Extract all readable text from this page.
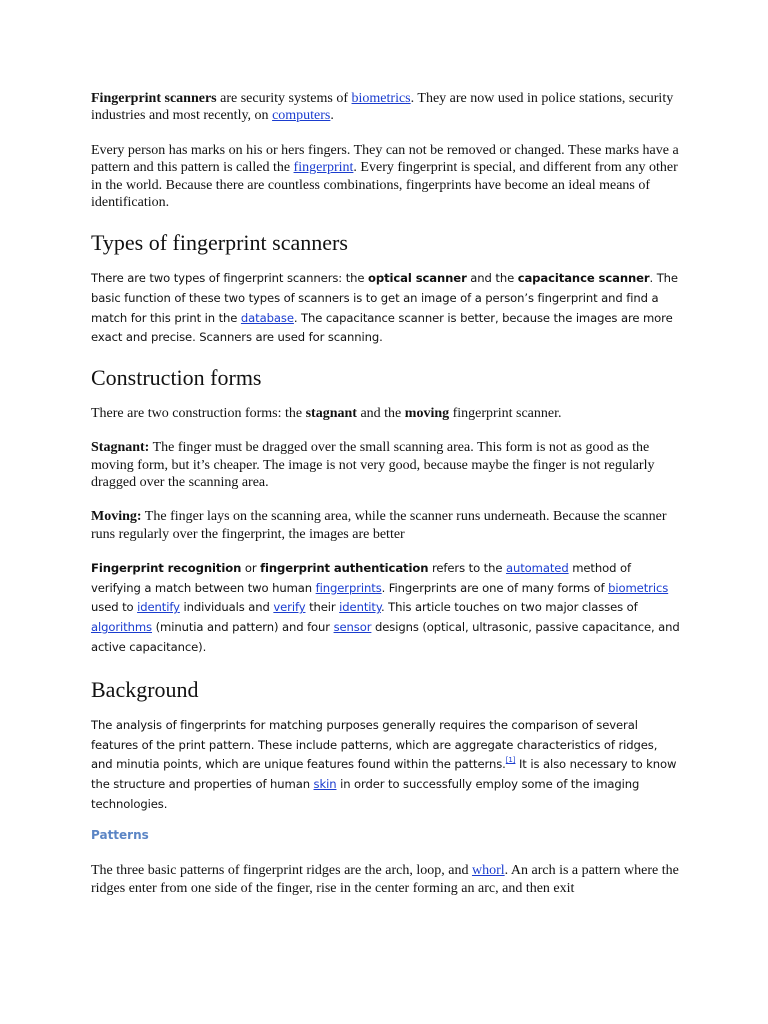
Fingerprint scanners are security systems of biometrics. They are now used in police stations, security industries and most recently, on computers.

Every person has marks on his or hers fingers. They can not be removed or changed. These marks have a pattern and this pattern is called the fingerprint. Every fingerprint is special, and different from any other in the world. Because there are countless combinations, fingerprints have become an ideal means of identification.

Types of fingerprint scanners

There are two types of fingerprint scanners: the optical scanner and the capacitance scanner. The basic function of these two types of scanners is to get an image of a person’s fingerprint and find a match for this print in the database. The capacitance scanner is better, because the images are more exact and precise. Scanners are used for scanning.

Construction forms

There are two construction forms: the stagnant and the moving fingerprint scanner.

Stagnant: The finger must be dragged over the small scanning area. This form is not as good as the moving form, but it’s cheaper. The image is not very good, because maybe the finger is not regularly dragged over the scanning area.

Moving: The finger lays on the scanning area, while the scanner runs underneath. Because the scanner runs regularly over the fingerprint, the images are better

Fingerprint recognition or fingerprint authentication refers to the automated method of verifying a match between two human fingerprints. Fingerprints are one of many forms of biometrics used to identify individuals and verify their identity. This article touches on two major classes of algorithms (minutia and pattern) and four sensor designs (optical, ultrasonic, passive capacitance, and active capacitance).

Background

The analysis of fingerprints for matching purposes generally requires the comparison of several features of the print pattern. These include patterns, which are aggregate characteristics of ridges, and minutia points, which are unique features found within the patterns.[1] It is also necessary to know the structure and properties of human skin in order to successfully employ some of the imaging technologies.

Patterns

The three basic patterns of fingerprint ridges are the arch, loop, and whorl. An arch is a pattern where the ridges enter from one side of the finger, rise in the center forming an arc, and then exit
